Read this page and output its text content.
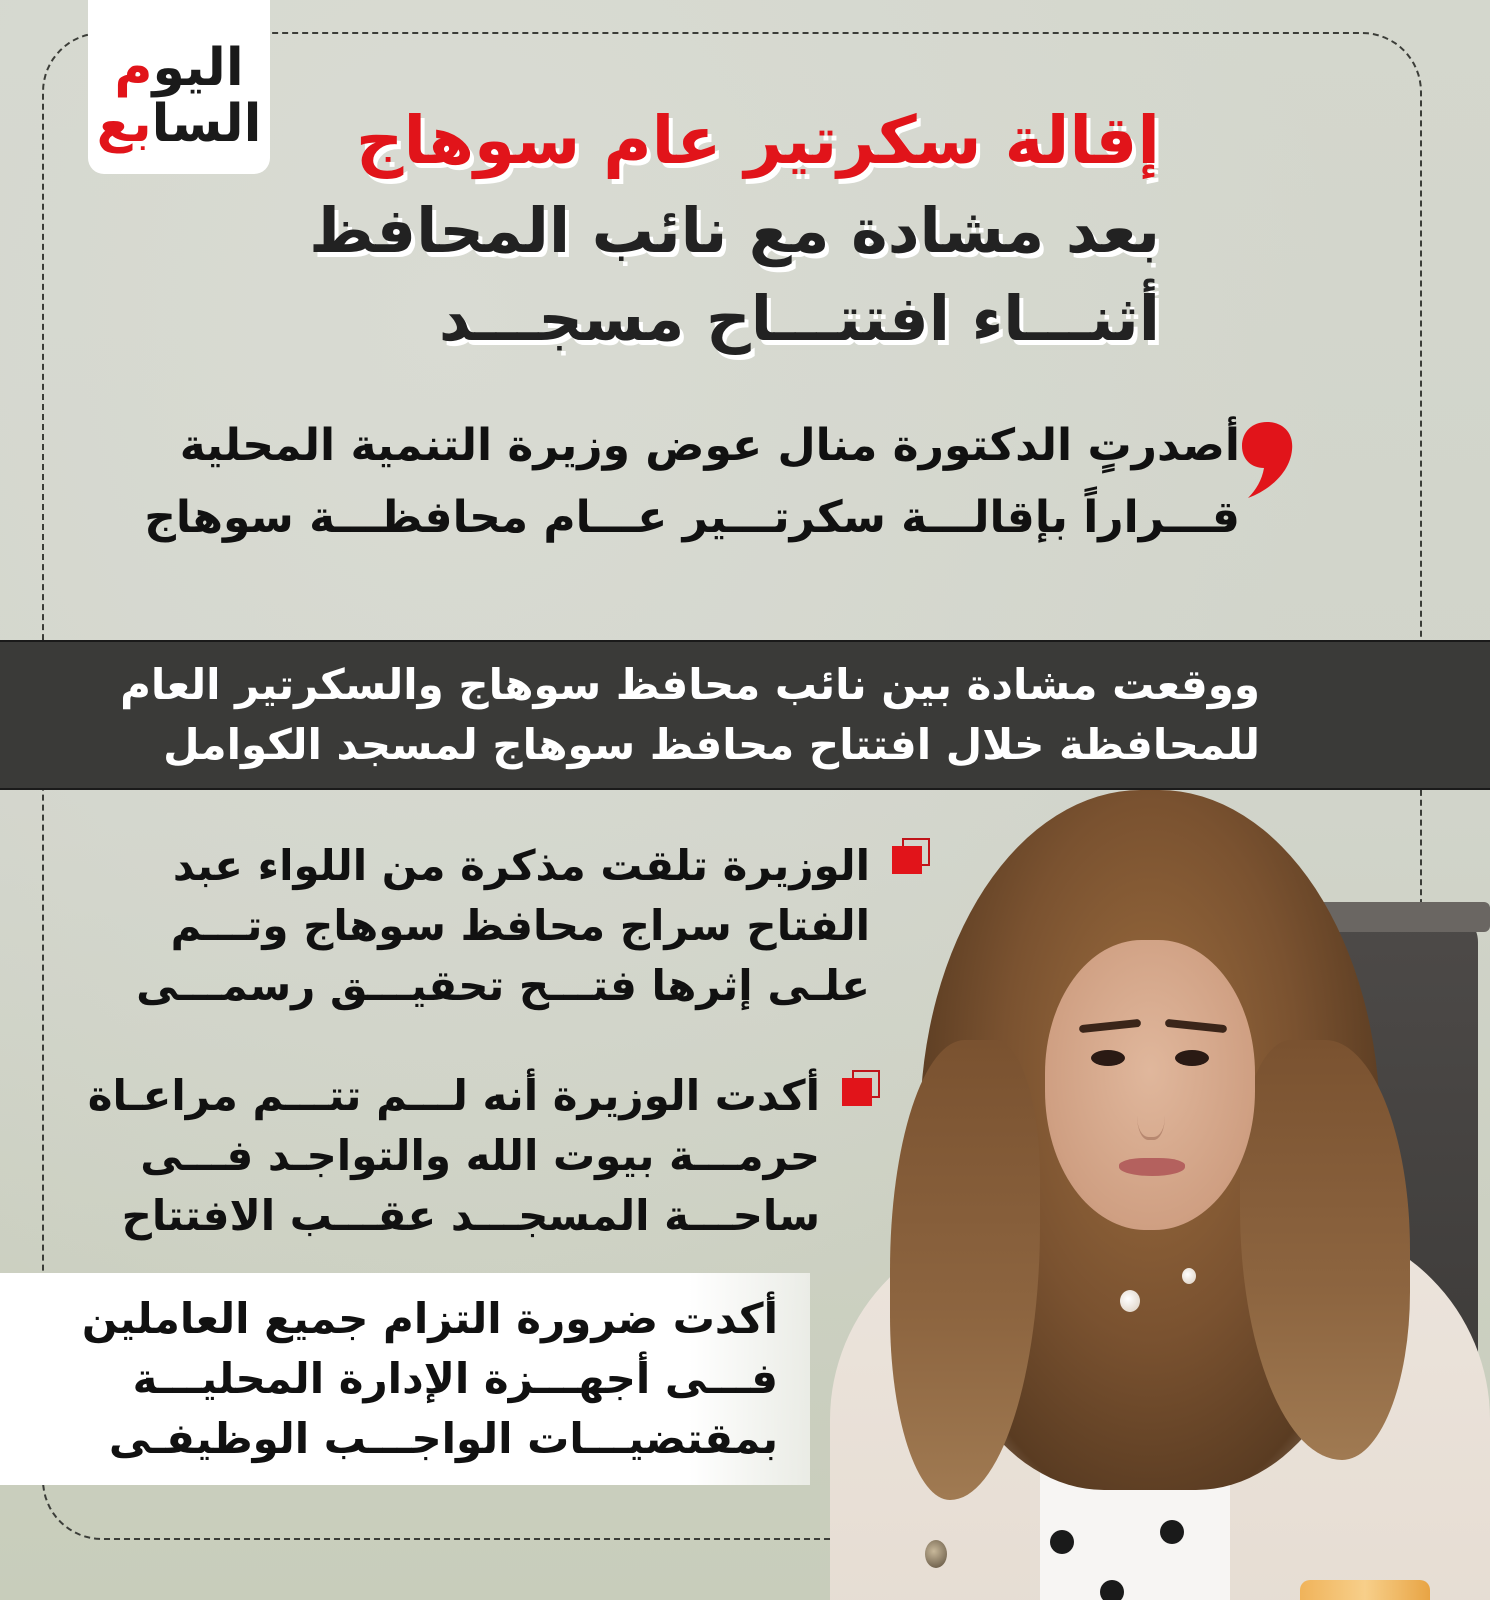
اليوم
السابع	إقالة سكرتير عام سوهاج
بعد مشادة مع نائب المحافظ
أثنـــاء افتتـــاح مسجـــد
أصدرتٍ الدكتورة منال عوض وزيرة التنمية المحلية
قـــراراً بإقالـــة سكرتـــير عـــام محافظـــة سوهاج
ووقعت مشادة بين نائب محافظ سوهاج والسكرتير العام
للمحافظة خلال افتتاح محافظ سوهاج لمسجد الكوامل
الوزيرة تلقت مذكرة من اللواء عبد
الفتاح سراج محافظ سوهاج وتـــم
علـى إثرها فتـــح تحقيـــق رسمـــى
أكدت الوزيرة أنه لـــم تتـــم مراعـاة
حرمـــة بيوت الله والتواجـد فـــى
ساحـــة المسجـــد عقـــب الافتتاح
أكدت ضرورة التزام جميع العاملين
فـــى أجهـــزة الإدارة المحليـــة
بمقتضيـــات الواجـــب الوظيفـى
